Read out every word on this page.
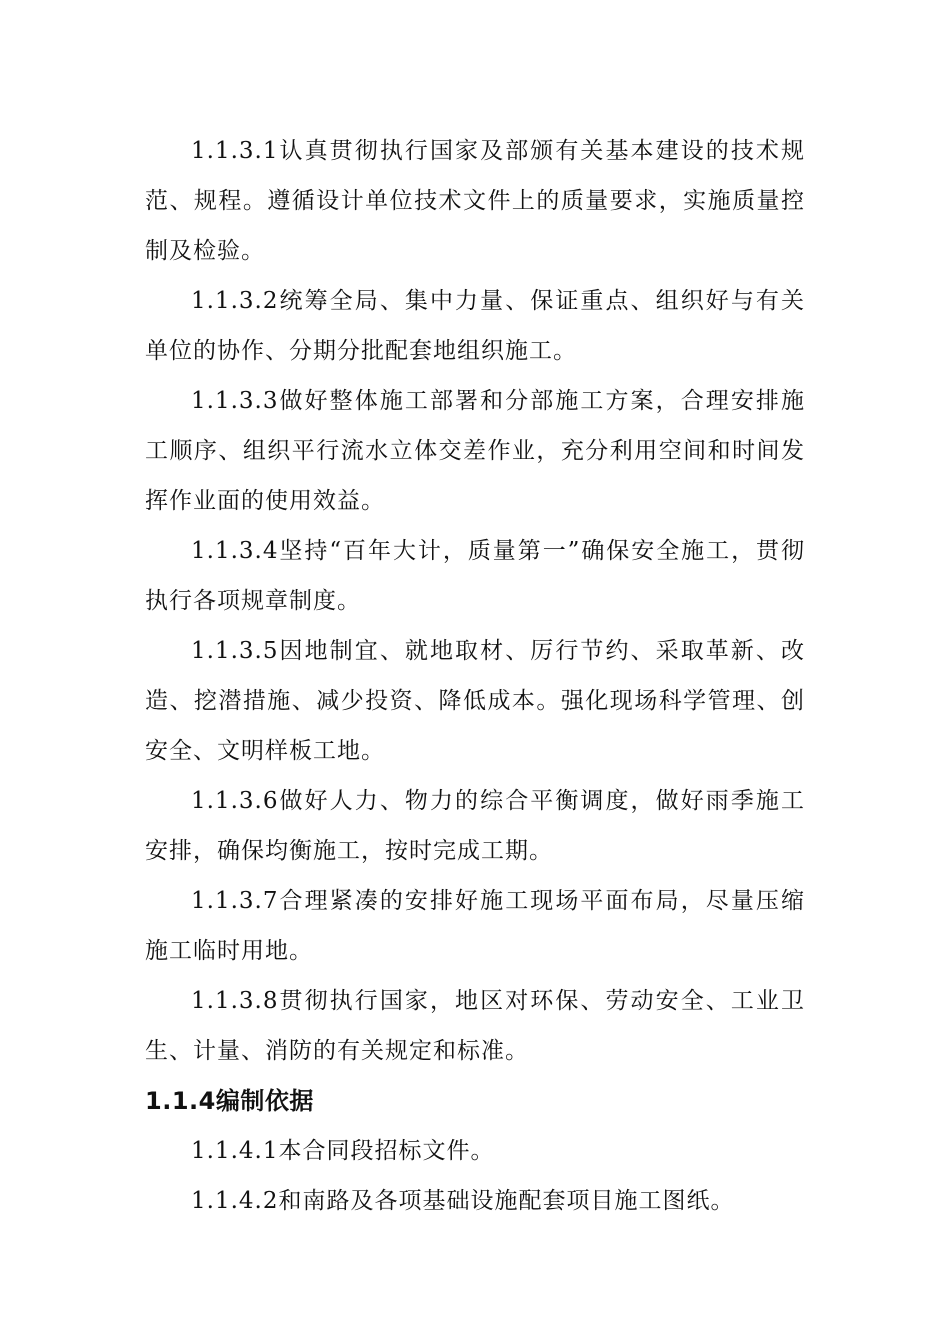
1.1.3.1认真贯彻执行国家及部颁有关基本建设的技术规范、规程。遵循设计单位技术文件上的质量要求，实施质量控制及检验。

1.1.3.2统筹全局、集中力量、保证重点、组织好与有关单位的协作、分期分批配套地组织施工。

1.1.3.3做好整体施工部署和分部施工方案，合理安排施工顺序、组织平行流水立体交差作业，充分利用空间和时间发挥作业面的使用效益。

1.1.3.4坚持“百年大计，质量第一”确保安全施工，贯彻执行各项规章制度。

1.1.3.5因地制宜、就地取材、厉行节约、采取革新、改造、挖潜措施、减少投资、降低成本。强化现场科学管理、创安全、文明样板工地。

1.1.3.6做好人力、物力的综合平衡调度，做好雨季施工安排，确保均衡施工，按时完成工期。

1.1.3.7合理紧凑的安排好施工现场平面布局，尽量压缩施工临时用地。

1.1.3.8贯彻执行国家，地区对环保、劳动安全、工业卫生、计量、消防的有关规定和标准。

1.1.4编制依据

1.1.4.1本合同段招标文件。

1.1.4.2和南路及各项基础设施配套项目施工图纸。
